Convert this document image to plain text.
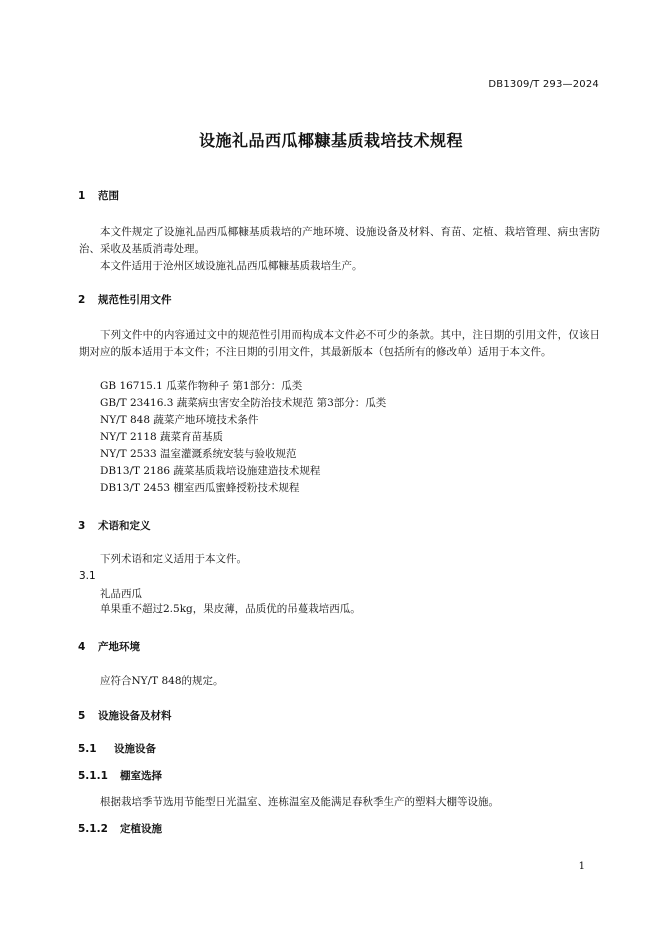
DB1309/T 293—2024
设施礼品西瓜椰糠基质栽培技术规程
1 范围
本文件规定了设施礼品西瓜椰糠基质栽培的产地环境、设施设备及材料、育苗、定植、栽培管理、病虫害防治、采收及基质消毒处理。
本文件适用于沧州区域设施礼品西瓜椰糠基质栽培生产。
2 规范性引用文件
下列文件中的内容通过文中的规范性引用而构成本文件必不可少的条款。其中，注日期的引用文件，仅该日期对应的版本适用于本文件；不注日期的引用文件，其最新版本（包括所有的修改单）适用于本文件。
GB 16715.1 瓜菜作物种子 第1部分：瓜类
GB/T 23416.3 蔬菜病虫害安全防治技术规范 第3部分：瓜类
NY/T 848 蔬菜产地环境技术条件
NY/T 2118 蔬菜育苗基质
NY/T 2533 温室灌溉系统安装与验收规范
DB13/T 2186 蔬菜基质栽培设施建造技术规程
DB13/T 2453 棚室西瓜蜜蜂授粉技术规程
3 术语和定义
下列术语和定义适用于本文件。
3.1
礼品西瓜
单果重不超过2.5kg，果皮薄，品质优的吊蔓栽培西瓜。
4 产地环境
应符合NY/T 848的规定。
5 设施设备及材料
5.1 设施设备
5.1.1 棚室选择
根据栽培季节选用节能型日光温室、连栋温室及能满足春秋季生产的塑料大棚等设施。
5.1.2 定植设施
1
